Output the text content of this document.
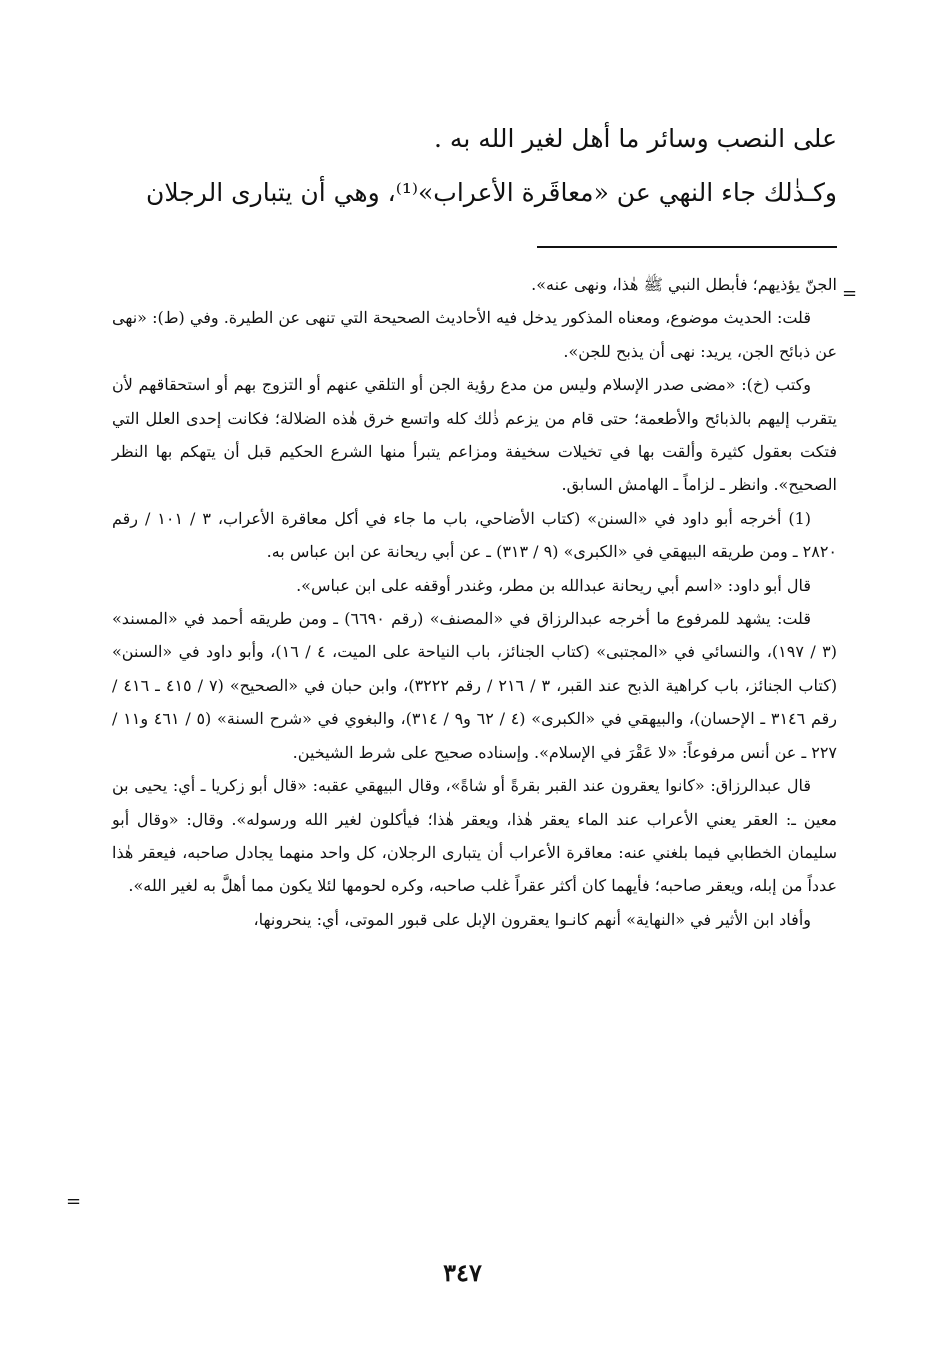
على النصب وسائر ما أهل لغير الله به .
وكـذٰلك جاء النهي عن «معاقَرة الأعراب»⁽¹⁾، وهي أن يتبارى الرجلان
=

الجنّ يؤذيهم؛ فأبطل النبي ﷺ هٰذا، ونهى عنه».

قلت: الحديث موضوع، ومعناه المذكور يدخل فيه الأحاديث الصحيحة التي تنهى عن الطيرة. وفي (ط): «نهى عن ذبائح الجن، يريد: نهى أن يذبح للجن».

وكتب (خ): «مضى صدر الإسلام وليس من مدع رؤية الجن أو التلقي عنهم أو التزوج بهم أو استحقاقهم لأن يتقرب إليهم بالذبائح والأطعمة؛ حتى قام من يزعم ذٰلك كله واتسع خرق هٰذه الضلالة؛ فكانت إحدى العلل التي فتكت بعقول كثيرة وألقت بها في تخيلات سخيفة ومزاعم يتبرأ منها الشرع الحكيم قبل أن يتهكم بها النظر الصحيح». وانظر ـ لزاماً ـ الهامش السابق.

(1) أخرجه أبو داود في «السنن» (كتاب الأضاحي، باب ما جاء في أكل معاقرة الأعراب، ٣ / ١٠١ / رقم ٢٨٢٠ ـ ومن طريقه البيهقي في «الكبرى» (٩ / ٣١٣) ـ عن أبي ريحانة عن ابن عباس به.

قال أبو داود: «اسم أبي ريحانة عبدالله بن مطر، وغندر أوقفه على ابن عباس».

قلت: يشهد للمرفوع ما أخرجه عبدالرزاق في «المصنف» (رقم ٦٦٩٠) ـ ومن طريقه أحمد في «المسند» (٣ / ١٩٧)، والنسائي في «المجتبى» (كتاب الجنائز، باب النياحة على الميت، ٤ / ١٦)، وأبو داود في «السنن» (كتاب الجنائز، باب كراهية الذبح عند القبر، ٣ / ٢١٦ / رقم ٣٢٢٢)، وابن حبان في «الصحيح» (٧ / ٤١٥ ـ ٤١٦ / رقم ٣١٤٦ ـ الإحسان)، والبيهقي في «الكبرى» (٤ / ٦٢ و٩ / ٣١٤)، والبغوي في «شرح السنة» (٥ / ٤٦١ و١١ / ٢٢٧ ـ عن أنس مرفوعاً: «لا عَقْرَ في الإسلام». وإسناده صحيح على شرط الشيخين.

قال عبدالرزاق: «كانوا يعقرون عند القبر بقرةً أو شاةً»، وقال البيهقي عقبه: «قال أبو زكريا ـ أي: يحيى بن معين ـ: العقر يعني الأعراب عند الماء يعقر هٰذا، ويعقر هٰذا؛ فيأكلون لغير الله ورسوله». وقال: «وقال أبو سليمان الخطابي فيما بلغني عنه: معاقرة الأعراب أن يتبارى الرجلان، كل واحد منهما يجادل صاحبه، فيعقر هٰذا عدداً من إبله، ويعقر صاحبه؛ فأيهما كان أكثر عقراً غلب صاحبه، وكره لحومها لئلا يكون مما أهلَّ به لغير الله».

وأفاد ابن الأثير في «النهاية» أنهم كانـوا يعقرون الإبل على قبور الموتى، أي: ينحرونها،

=
٣٤٧
